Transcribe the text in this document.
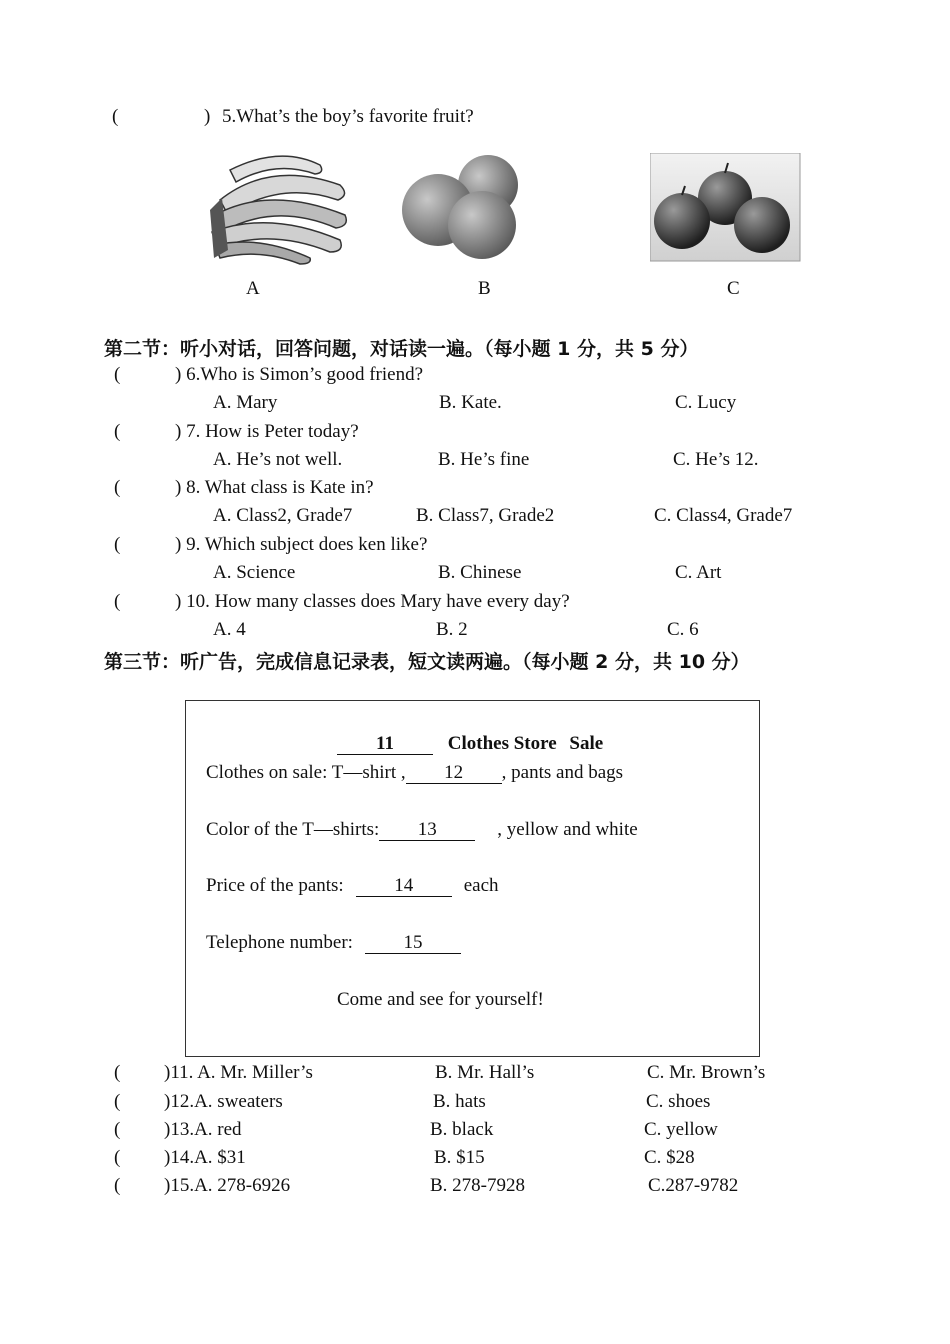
(	) 5.What’s the boy’s favorite fruit?
A	B	C
第二节：听小对话，回答问题，对话读一遍。（每小题 1 分，共 5 分）
(	) 6.Who is Simon’s good friend?
A. Mary	B. Kate.	C. Lucy
(	) 7. How is Peter today?
A. He’s not well.	B. He’s fine	C. He’s 12.
(	) 8. What class is Kate in?
A. Class2, Grade7	B. Class7, Grade2	C. Class4, Grade7
(	) 9. Which subject does ken like?
A. Science	B. Chinese	C. Art
(	) 10. How many classes does Mary have every day?
A. 4	B. 2	C. 6
第三节：听广告，完成信息记录表，短文读两遍。（每小题 2 分，共 10 分）
11	Clothes Store Sale
Clothes on sale: T—shirt , 12 , pants and bags
Color of the T—shirts: 13	, yellow and white
Price of the pants:	14	each
Telephone number:	15
Come and see for yourself!
( )11. A. Mr. Miller’s	B. Mr. Hall’s	C. Mr. Brown’s
( )12.A. sweaters	B. hats	C. shoes
( )13.A. red	B. black	C. yellow
( )14.A. $31	B. $15	C. $28
( )15.A. 278-6926	B. 278-7928	C.287-9782
